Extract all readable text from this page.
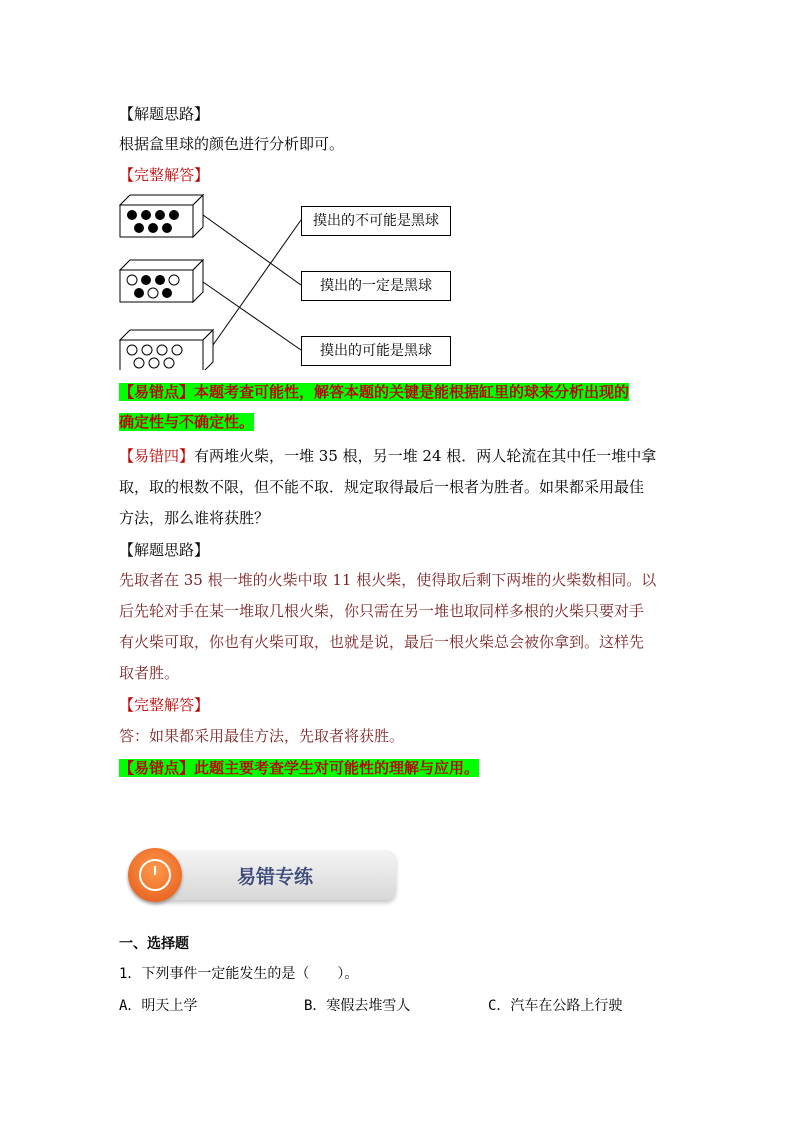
【解题思路】
根据盒里球的颜色进行分析即可。
【完整解答】
摸出的不可能是黑球
摸出的一定是黑球
摸出的可能是黑球
【易错点】本题考查可能性，解答本题的关键是能根据缸里的球来分析出现的
确定性与不确定性。
【易错四】有两堆火柴，一堆 35 根，另一堆 24 根．两人轮流在其中任一堆中拿
取，取的根数不限，但不能不取．规定取得最后一根者为胜者。如果都采用最佳
方法，那么谁将获胜？
【解题思路】
先取者在 35 根一堆的火柴中取 11 根火柴，使得取后剩下两堆的火柴数相同。以
后先轮对手在某一堆取几根火柴，你只需在另一堆也取同样多根的火柴只要对手
有火柴可取，你也有火柴可取，也就是说，最后一根火柴总会被你拿到。这样先
取者胜。
【完整解答】
答：如果都采用最佳方法，先取者将获胜。
【易错点】此题主要考查学生对可能性的理解与应用。
易错专练
一、选择题
1．下列事件一定能发生的是（　　）。
A．明天上学	B．寒假去堆雪人	C．汽车在公路上行驶
